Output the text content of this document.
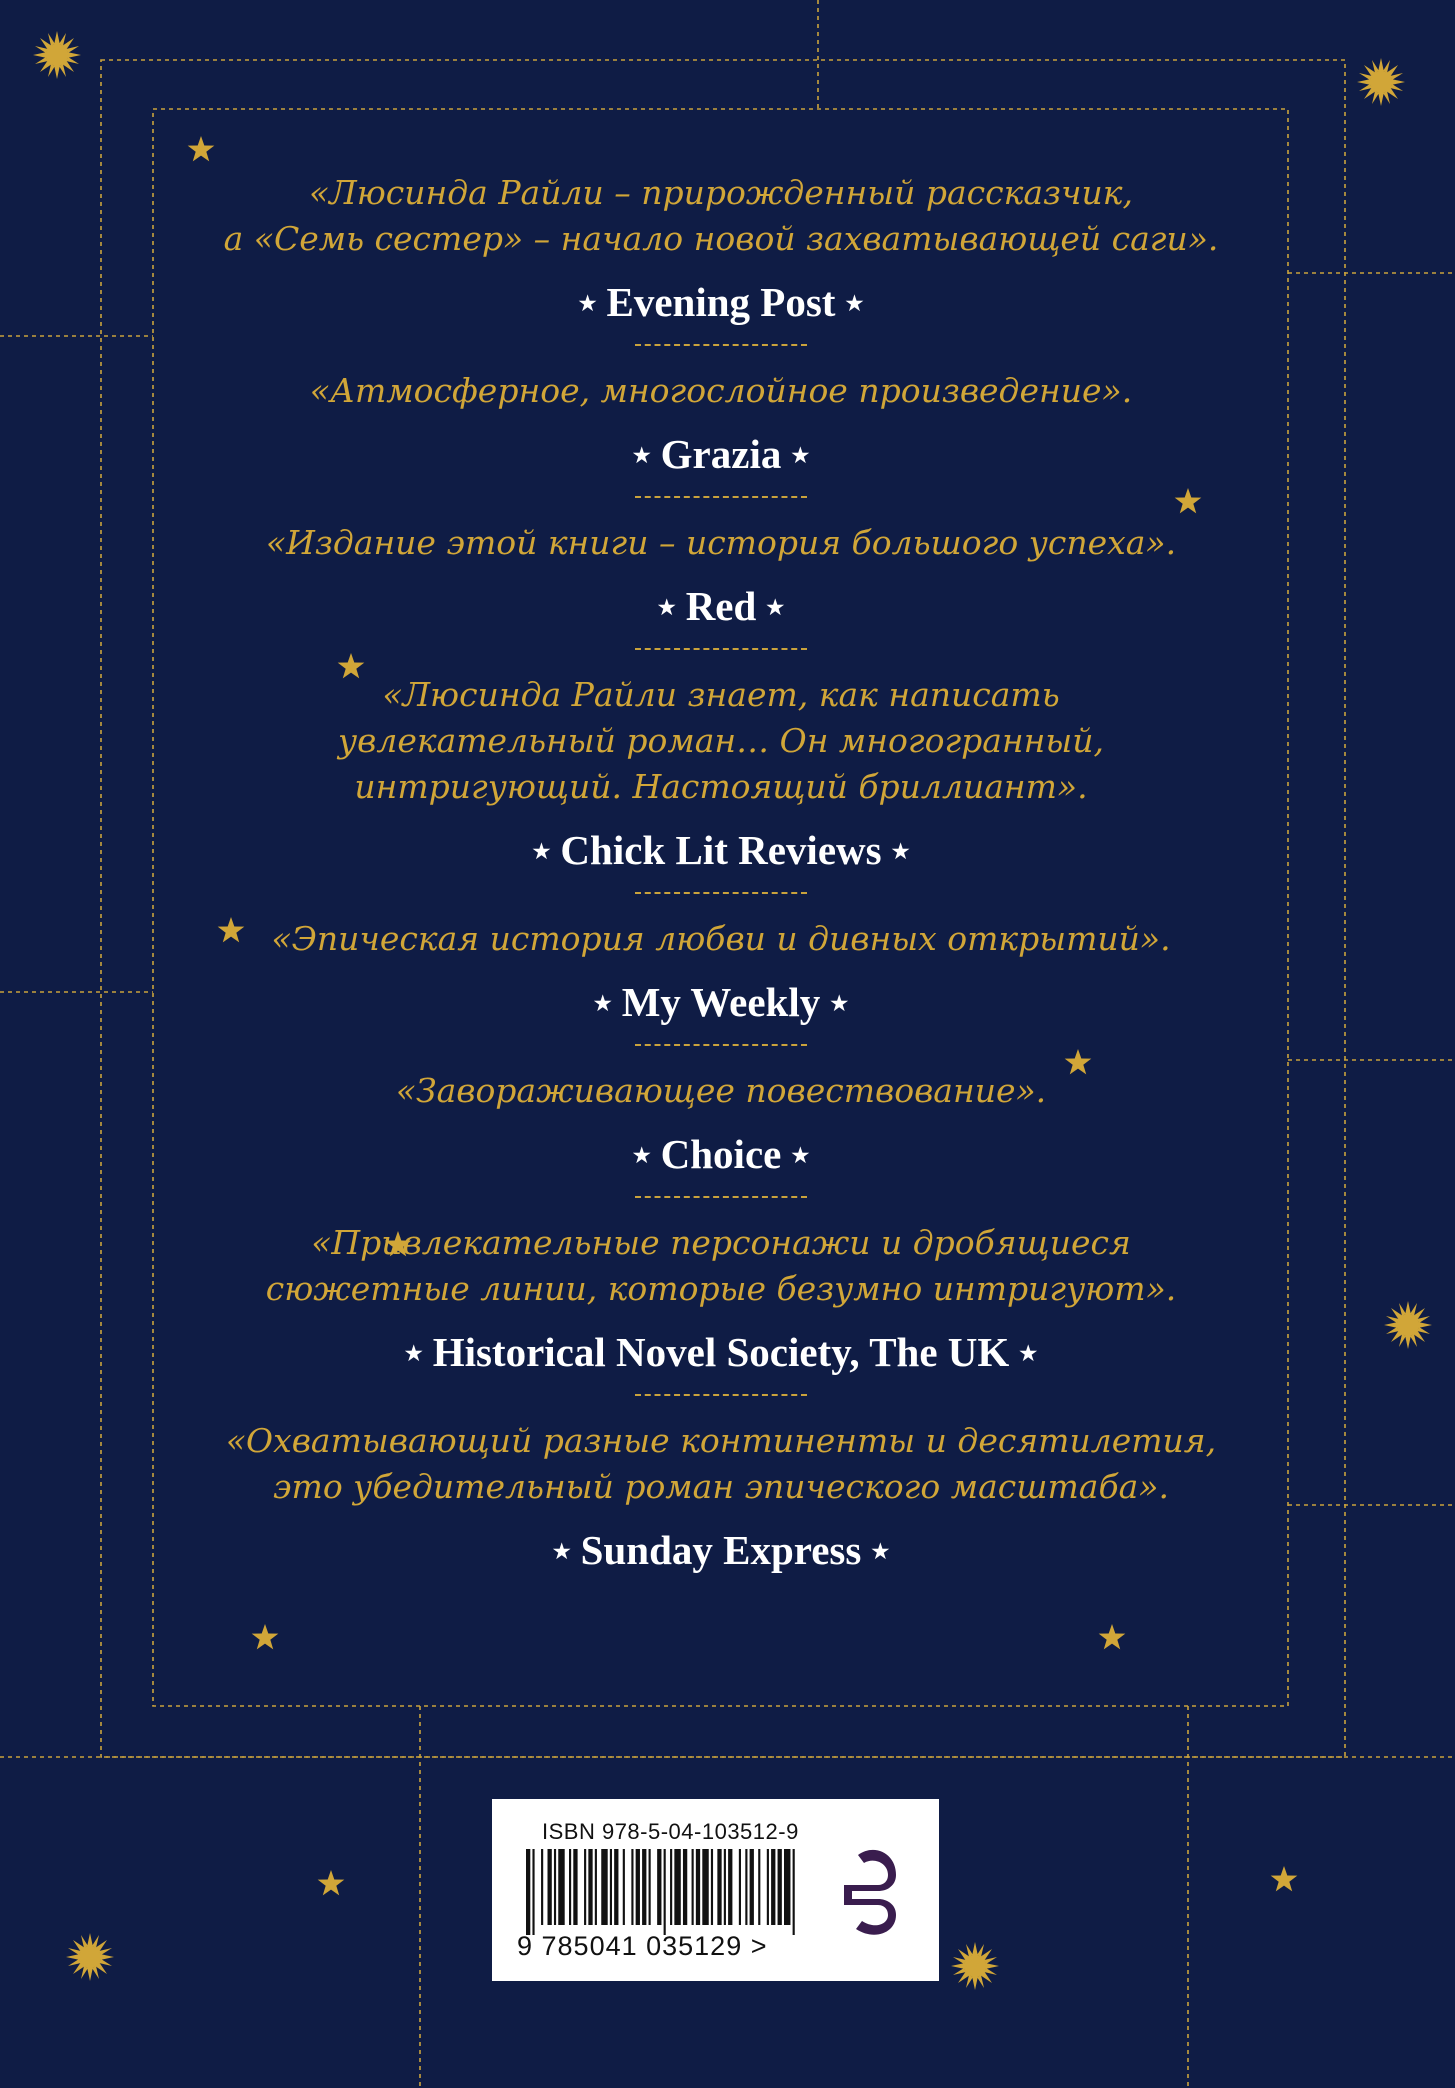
«Люсинда Райли – прирожденный рассказчик,
а «Семь сестер» – начало новой захватывающей саги».
★ Evening Post ★
«Атмосферное, многослойное произведение».
★ Grazia ★
«Издание этой книги – история большого успеха».
★ Red ★
«Люсинда Райли знает, как написать
увлекательный роман… Он многогранный,
интригующий. Настоящий бриллиант».
★ Chick Lit Reviews ★
«Эпическая история любви и дивных открытий».
★ My Weekly ★
«Завораживающее повествование».
★ Choice ★
«Привлекательные персонажи и дробящиеся
сюжетные линии, которые безумно интригуют».
★ Historical Novel Society, The UK ★
«Охватывающий разные континенты и десятилетия,
это убедительный роман эпического масштаба».
★ Sunday Express ★
ISBN 978-5-04-103512-9
9 785041 035129 >
